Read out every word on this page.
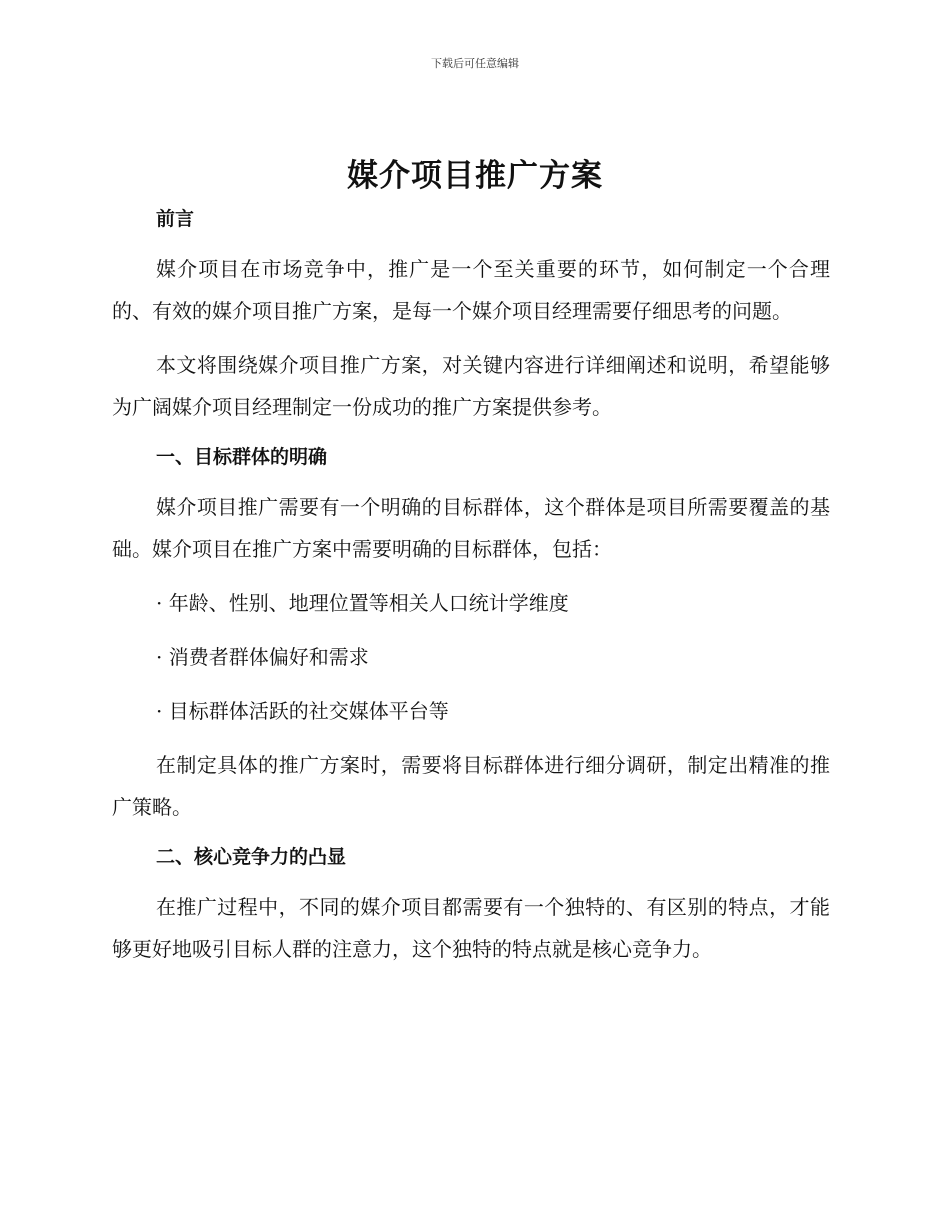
下载后可任意编辑
媒介项目推广方案

前言

媒介项目在市场竞争中，推广是一个至关重要的环节，如何制定一个合理的、有效的媒介项目推广方案，是每一个媒介项目经理需要仔细思考的问题。

本文将围绕媒介项目推广方案，对关键内容进行详细阐述和说明，希望能够为广阔媒介项目经理制定一份成功的推广方案提供参考。

一、目标群体的明确

媒介项目推广需要有一个明确的目标群体，这个群体是项目所需要覆盖的基础。媒介项目在推广方案中需要明确的目标群体，包括：

· 年龄、性别、地理位置等相关人口统计学维度

· 消费者群体偏好和需求

· 目标群体活跃的社交媒体平台等

在制定具体的推广方案时，需要将目标群体进行细分调研，制定出精准的推广策略。

二、核心竞争力的凸显

在推广过程中，不同的媒介项目都需要有一个独特的、有区别的特点，才能够更好地吸引目标人群的注意力，这个独特的特点就是核心竞争力。
